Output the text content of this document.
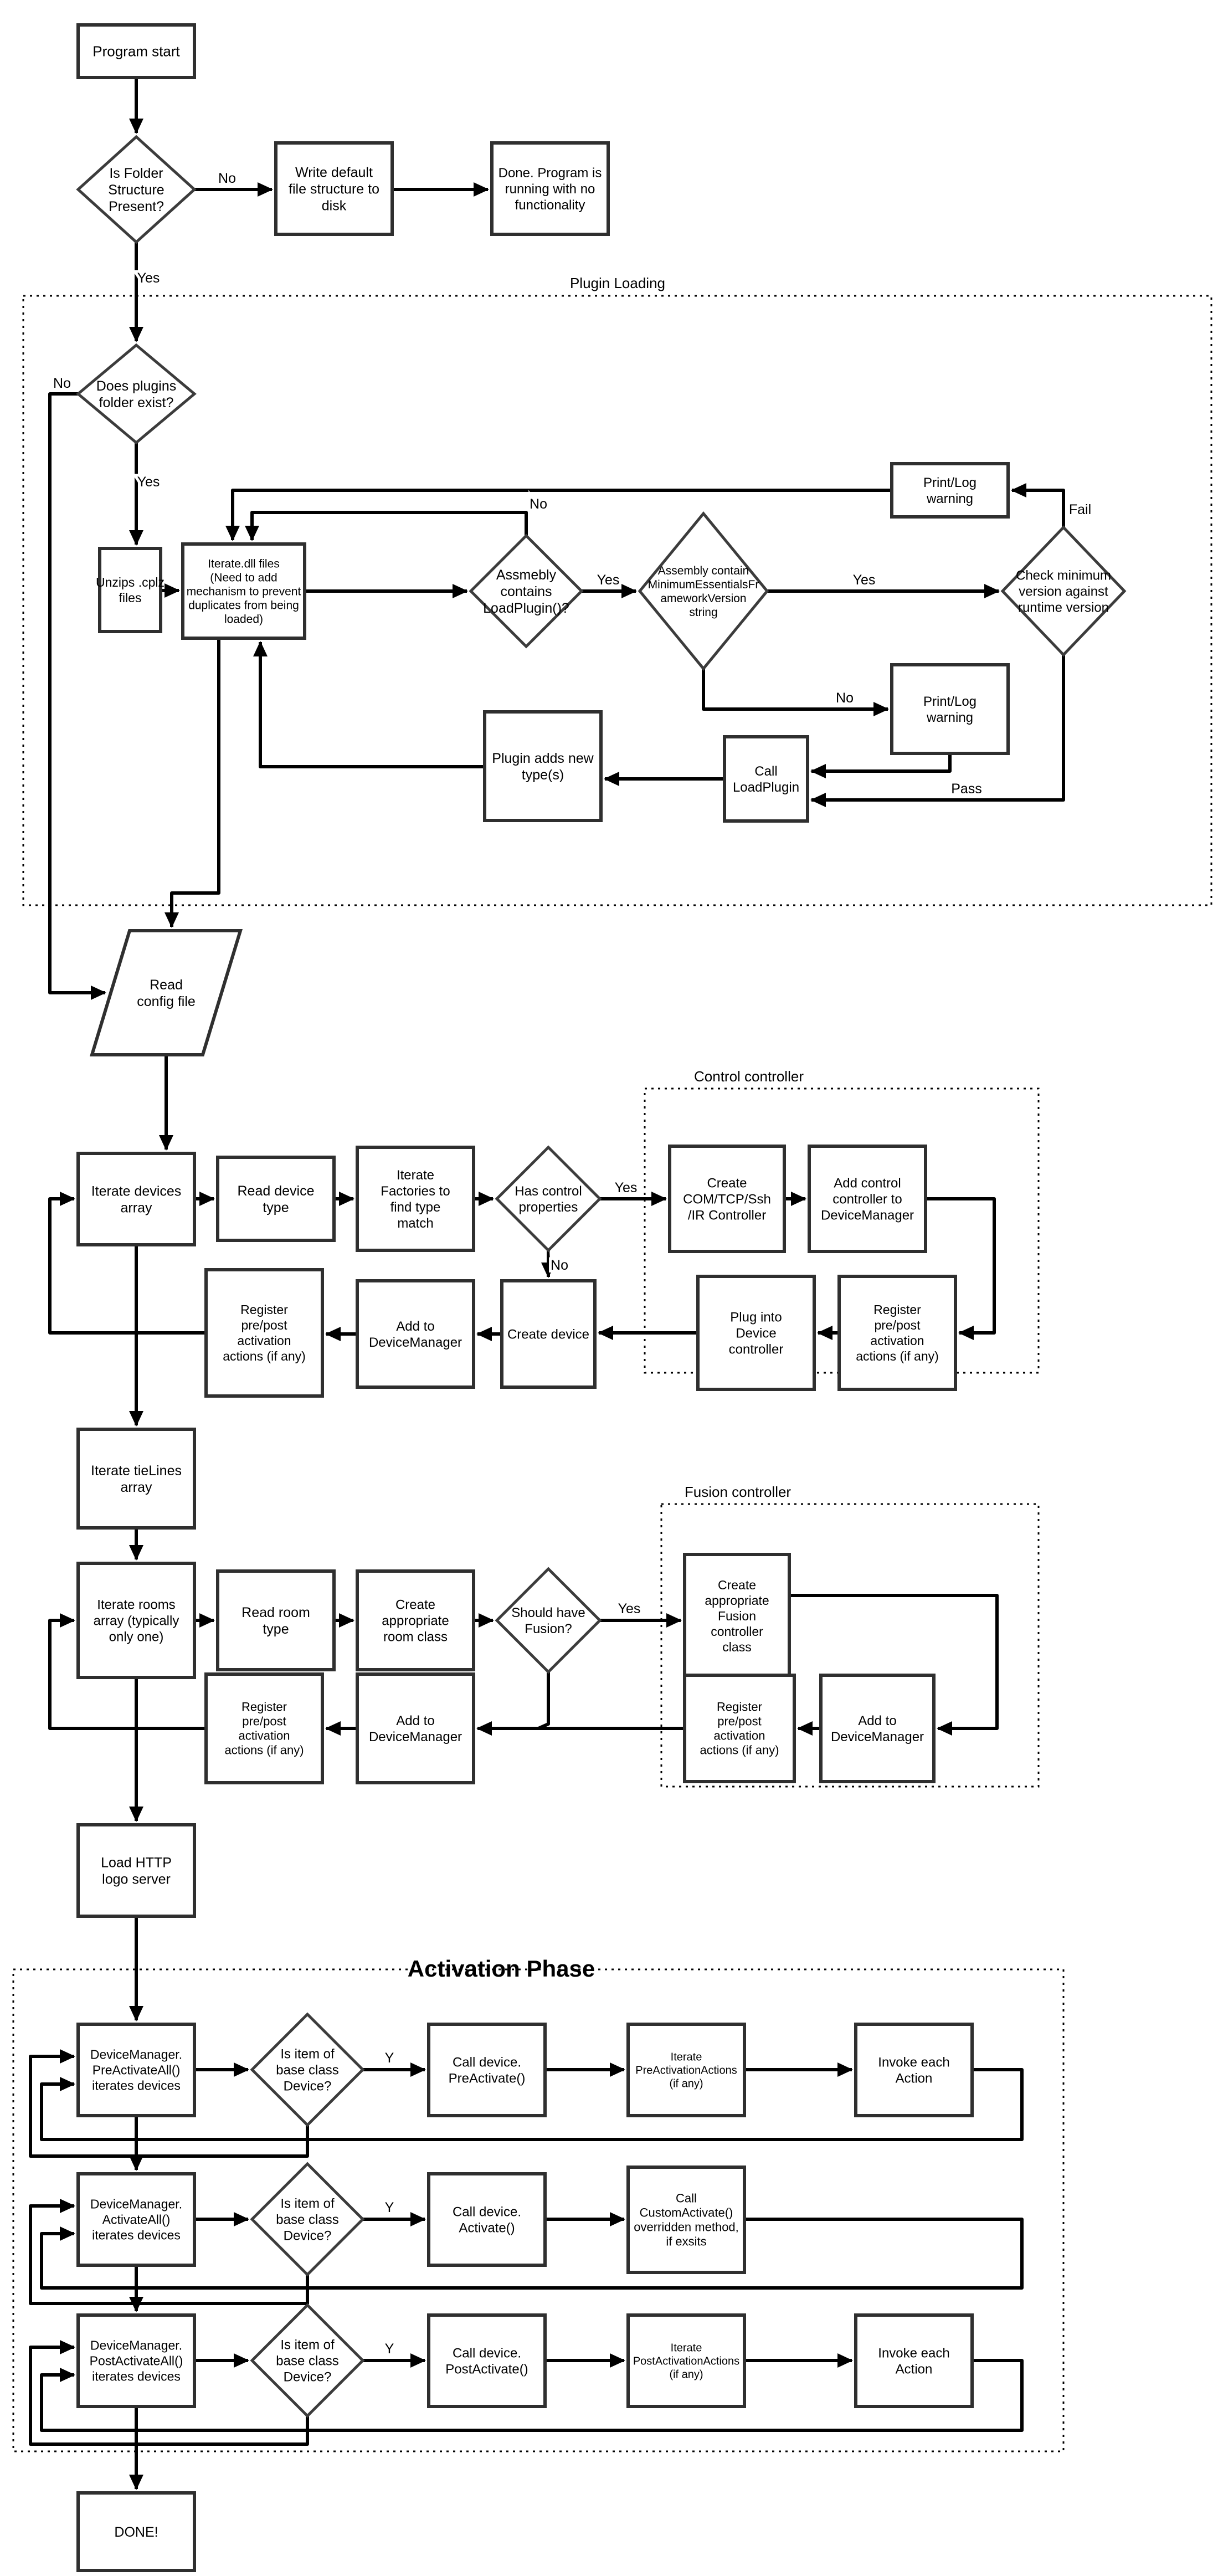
Program start
Is Folder Structure Present?
Write default file structure to disk
Done. Program is running with no functionality
Does plugins folder exist?
Unzips .cplz files
Iterate.dll files (Need to add mechanism to prevent duplicates from being loaded)
Assmebly contains LoadPlugin()?
Assembly contain MinimumEssentialsFr ameworkVersion string
Check minimum version against runtime version
Print/Log warning
Print/Log warning
Call LoadPlugin
Plugin adds new type(s)
Read config file
Iterate devices array
Read device type
Iterate Factories to find type match
Has control properties
Create COM/TCP/Ssh /IR Controller
Add control controller to DeviceManager
Register pre/post activation actions (if any)
Plug into Device controller
Create device
Add to DeviceManager
Register pre/post activation actions (if any)
Iterate tieLines array
Iterate rooms array (typically only one)
Read room type
Create appropriate room class
Should have Fusion?
Create appropriate Fusion controller class
Add to DeviceManager
Register pre/post activation actions (if any)
Add to DeviceManager
Register pre/post activation actions (if any)
Load HTTP logo server
DeviceManager. PreActivateAll() iterates devices
Is item of base class Device?
Call device. PreActivate()
Iterate PreActivationActions (if any)
Invoke each Action
DeviceManager. ActivateAll() iterates devices
Is item of base class Device?
Call device. Activate()
Call CustomActivate() overridden method, if exsits
DeviceManager. PostActivateAll() iterates devices
Is item of base class Device?
Call device. PostActivate()
Iterate PostActivationActions (if any)
Invoke each Action
DONE!
Plugin Loading
Control controller
Fusion controller
Activation Phase
No
Yes
Yes
No
Yes	Yes
Fail
No
No
Pass
Yes
No
Yes
Y
Y
Y
